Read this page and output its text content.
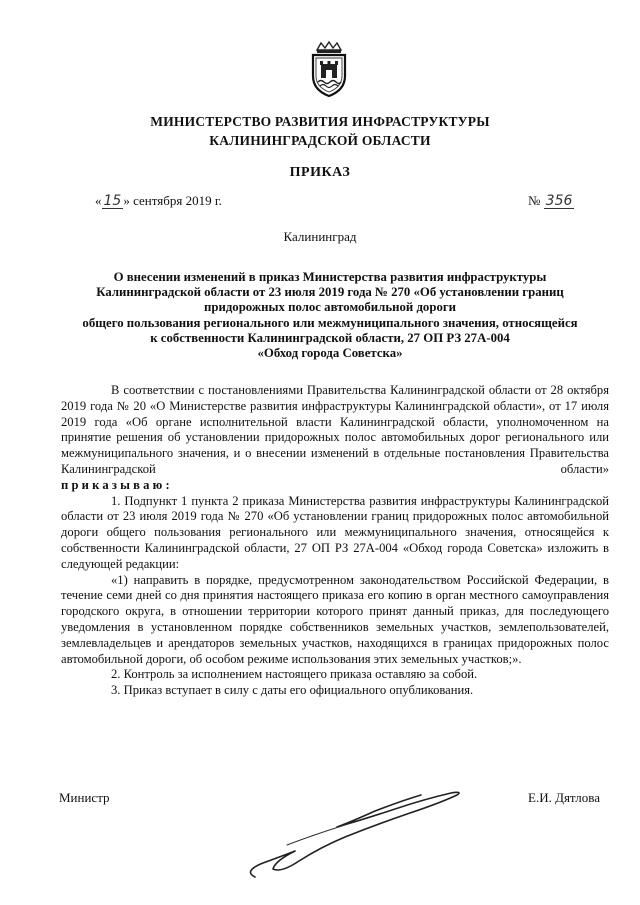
МИНИСТЕРСТВО РАЗВИТИЯ ИНФРАСТРУКТУРЫ
КАЛИНИНГРАДСКОЙ ОБЛАСТИ
ПРИКАЗ
« 15 » сентября 2019 г.	№ 356
Калининград
О внесении изменений в приказ Министерства развития инфраструктуры
Калининградской области от 23 июля 2019 года № 270 «Об установлении границ
придорожных полос автомобильной дороги
общего пользования регионального или межмуниципального значения, относящейся
к собственности Калининградской области, 27 ОП РЗ 27А-004
«Обход города Советска»

В соответствии с постановлениями Правительства Калининградской области от 28 октября 2019 года № 20 «О Министерстве развития инфраструктуры Калининградской области», от 17 июля 2019 года «Об органе исполнительной власти Калининградской области, уполномоченном на принятие решения об установлении придорожных полос автомобильных дорог регионального или межмуниципального значения, и о внесении изменений в отдельные постановления Правительства Калининградской области»

приказываю:

1. Подпункт 1 пункта 2 приказа Министерства развития инфраструктуры Калининградской области от 23 июля 2019 года № 270 «Об установлении границ придорожных полос автомобильной дороги общего пользования регионального или межмуниципального значения, относящейся к собственности Калининградской области, 27 ОП РЗ 27А-004 «Обход города Советска» изложить в следующей редакции:

«1) направить в порядке, предусмотренном законодательством Российской Федерации, в течение семи дней со дня принятия настоящего приказа его копию в орган местного самоуправления городского округа, в отношении территории которого принят данный приказ, для последующего уведомления в установленном порядке собственников земельных участков, землепользователей, землевладельцев и арендаторов земельных участков, находящихся в границах придорожных полос автомобильной дороги, об особом режиме использования этих земельных участков;».

2. Контроль за исполнением настоящего приказа оставляю за собой.

3. Приказ вступает в силу с даты его официального опубликования.

Министр	Е.И. Дятлова
